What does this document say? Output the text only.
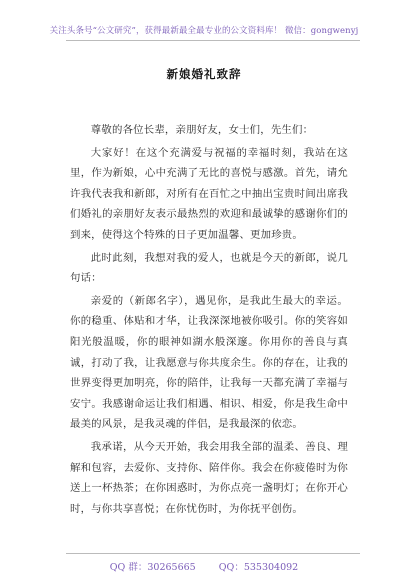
关注头条号“公文研究”，获得最新最全最专业的公文资料库！ 微信：gongwenyj
新娘婚礼致辞

尊敬的各位长辈，亲朋好友，女士们，先生们：

大家好！在这个充满爱与祝福的幸福时刻，我站在这里，作为新娘，心中充满了无比的喜悦与感激。首先，请允许我代表我和新郎，对所有在百忙之中抽出宝贵时间出席我们婚礼的亲朋好友表示最热烈的欢迎和最诚挚的感谢你们的到来，使得这个特殊的日子更加温馨、更加珍贵。

此时此刻，我想对我的爱人，也就是今天的新郎，说几句话：

亲爱的（新郎名字），遇见你，是我此生最大的幸运。你的稳重、体贴和才华，让我深深地被你吸引。你的笑容如阳光般温暖，你的眼神如湖水般深邃。你用你的善良与真诚，打动了我，让我愿意与你共度余生。你的存在，让我的世界变得更加明亮，你的陪伴，让我每一天都充满了幸福与安宁。我感谢命运让我们相遇、相识、相爱，你是我生命中最美的风景，是我灵魂的伴侣，是我最深的依恋。

我承诺，从今天开始，我会用我全部的温柔、善良、理解和包容，去爱你、支持你、陪伴你。我会在你疲倦时为你送上一杯热茶；在你困惑时，为你点亮一盏明灯；在你开心时，与你共享喜悦；在你忧伤时，为你抚平创伤。

QQ 群：30265665 QQ：535304092
